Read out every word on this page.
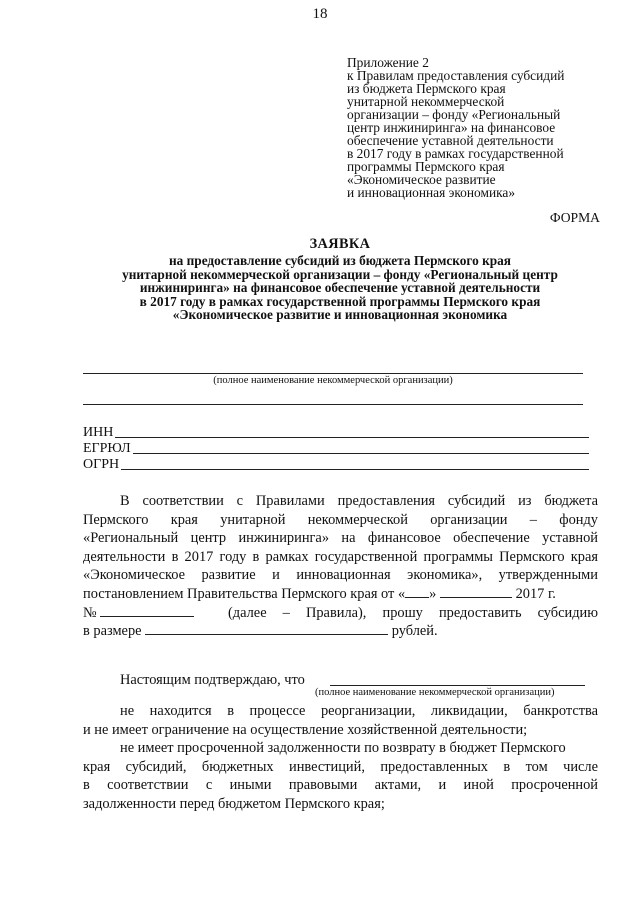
18
Приложение 2
к Правилам предоставления субсидий
из бюджета Пермского края
унитарной некоммерческой
организации – фонду «Региональный
центр инжиниринга» на финансовое
обеспечение уставной деятельности
в 2017 году в рамках государственной
программы Пермского края
«Экономическое развитие
и инновационная экономика»
ФОРМА
ЗАЯВКА
на предоставление субсидий из бюджета Пермского края
унитарной некоммерческой организации – фонду «Региональный центр
инжиниринга» на финансовое обеспечение уставной деятельности
в 2017 году в рамках государственной программы Пермского края
«Экономическое развитие и инновационная экономика
(полное наименование некоммерческой организации)
ИНН
ЕГРЮЛ
ОГРН
В соответствии с Правилами предоставления субсидий из бюджета
Пермского края унитарной некоммерческой организации – фонду
«Региональный центр инжиниринга» на финансовое обеспечение уставной
деятельности в 2017 году в рамках государственной программы Пермского края
«Экономическое развитие и инновационная экономика», утвержденными
постановлением Правительства Пермского края от « »	2017 г.
№	(далее – Правила), прошу предоставить субсидию
в размере	рублей.
Настоящим подтверждаю, что
(полное наименование некоммерческой организации)
не находится в процессе реорганизации, ликвидации, банкротства
и не имеет ограничение на осуществление хозяйственной деятельности;
не имеет просроченной задолженности по возврату в бюджет Пермского
края субсидий, бюджетных инвестиций, предоставленных в том числе
в соответствии с иными правовыми актами, и иной просроченной
задолженности перед бюджетом Пермского края;
